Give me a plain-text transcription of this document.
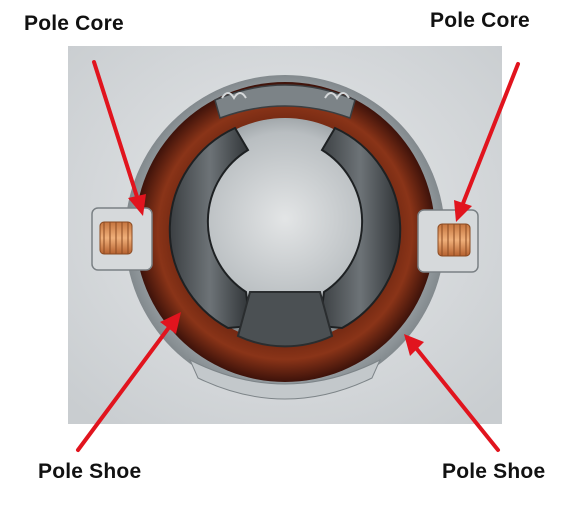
Pole Core	Pole Core
Pole Shoe	Pole Shoe
